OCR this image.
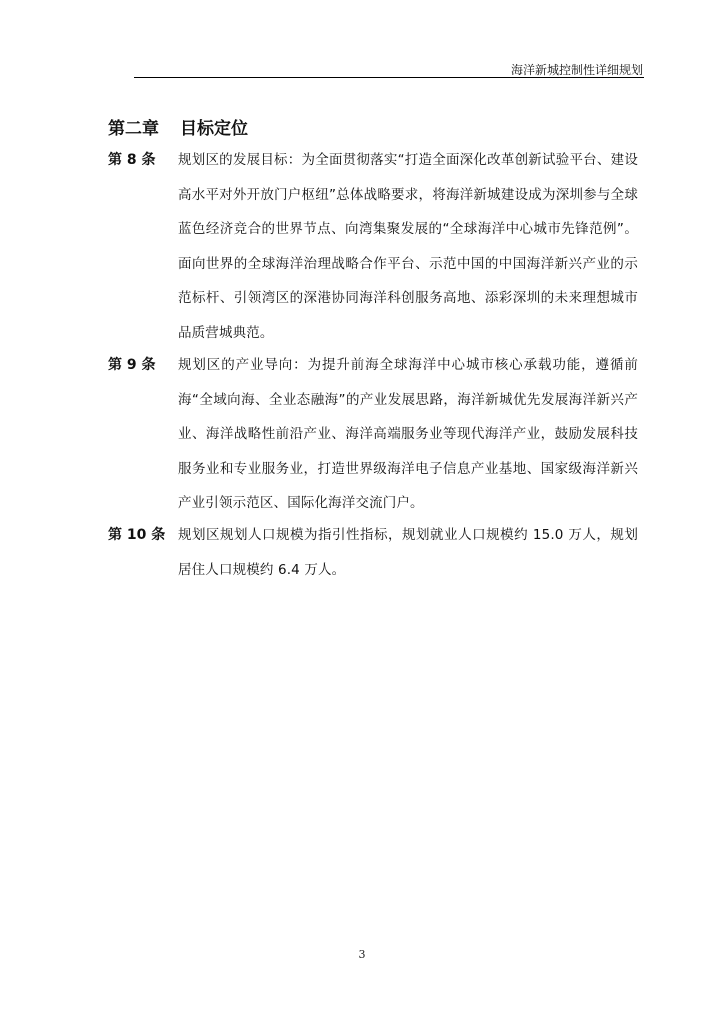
海洋新城控制性详细规划
第二章 目标定位
第 8 条 规划区的发展目标：为全面贯彻落实“打造全面深化改革创新试验平台、建设高水平对外开放门户枢纽”总体战略要求，将海洋新城建设成为深圳参与全球蓝色经济竞合的世界节点、向湾集聚发展的“全球海洋中心城市先锋范例”。面向世界的全球海洋治理战略合作平台、示范中国的中国海洋新兴产业的示范标杆、引领湾区的深港协同海洋科创服务高地、添彩深圳的未来理想城市品质营城典范。
第 9 条 规划区的产业导向：为提升前海全球海洋中心城市核心承载功能，遵循前海“全域向海、全业态融海”的产业发展思路，海洋新城优先发展海洋新兴产业、海洋战略性前沿产业、海洋高端服务业等现代海洋产业，鼓励发展科技服务业和专业服务业，打造世界级海洋电子信息产业基地、国家级海洋新兴产业引领示范区、国际化海洋交流门户。
第 10 条 规划区规划人口规模为指引性指标，规划就业人口规模约 15.0 万人，规划居住人口规模约 6.4 万人。
3
